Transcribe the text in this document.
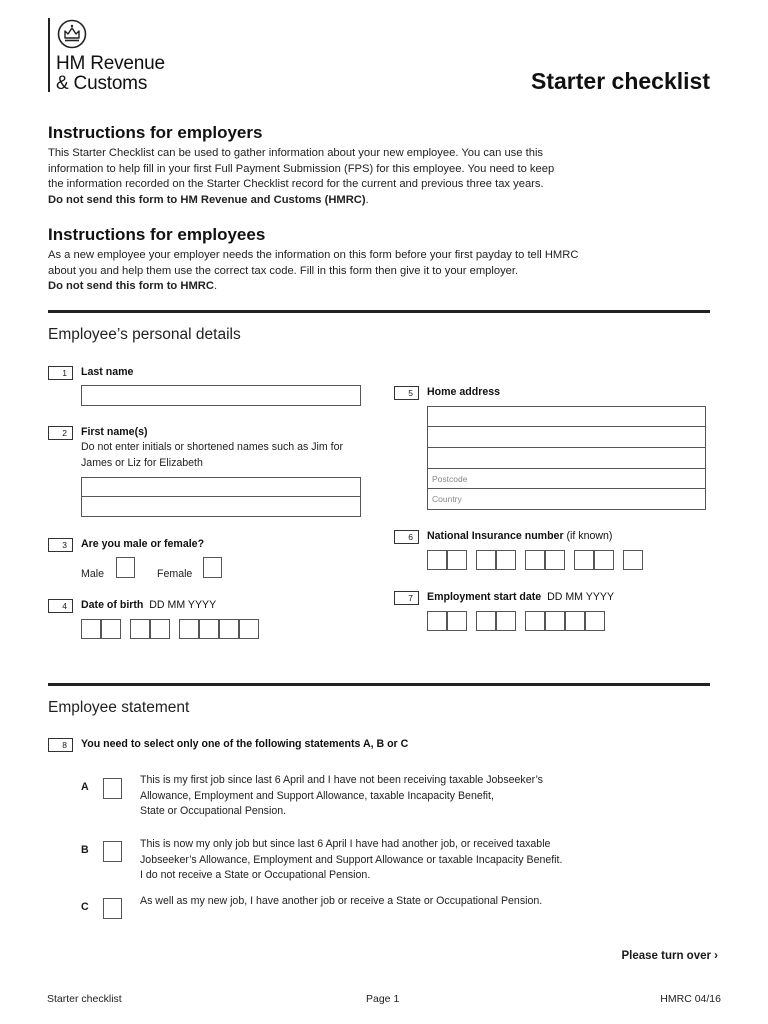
HM Revenue
& Customs	Starter checklist
Instructions for employers
This Starter Checklist can be used to gather information about your new employee. You can use this
information to help fill in your first Full Payment Submission (FPS) for this employee. You need to keep
the information recorded on the Starter Checklist record for the current and previous three tax years.
Do not send this form to HM Revenue and Customs (HMRC).
Instructions for employees
As a new employee your employer needs the information on this form before your first payday to tell HMRC
about you and help them use the correct tax code. Fill in this form then give it to your employer.
Do not send this form to HMRC.
Employee’s personal details
1	Last name
2	First name(s)
Do not enter initials or shortened names such as Jim for
James or Liz for Elizabeth
3	Are you male or female?
Male	Female
4	Date of birth DD MM YYYY
5	Home address
Postcode
Country
6	National Insurance number (if known)
7	Employment start date DD MM YYYY
Employee statement
8	You need to select only one of the following statements A, B or C
A
This is my first job since last 6 April and I have not been receiving taxable Jobseeker’s
Allowance, Employment and Support Allowance, taxable Incapacity Benefit,
State or Occupational Pension.
B	This is now my only job but since last 6 April I have had another job, or received taxable
Jobseeker’s Allowance, Employment and Support Allowance or taxable Incapacity Benefit.
I do not receive a State or Occupational Pension.
C	As well as my new job, I have another job or receive a State or Occupational Pension.
Please turn over ›
Starter checklist	Page 1	HMRC 04/16
